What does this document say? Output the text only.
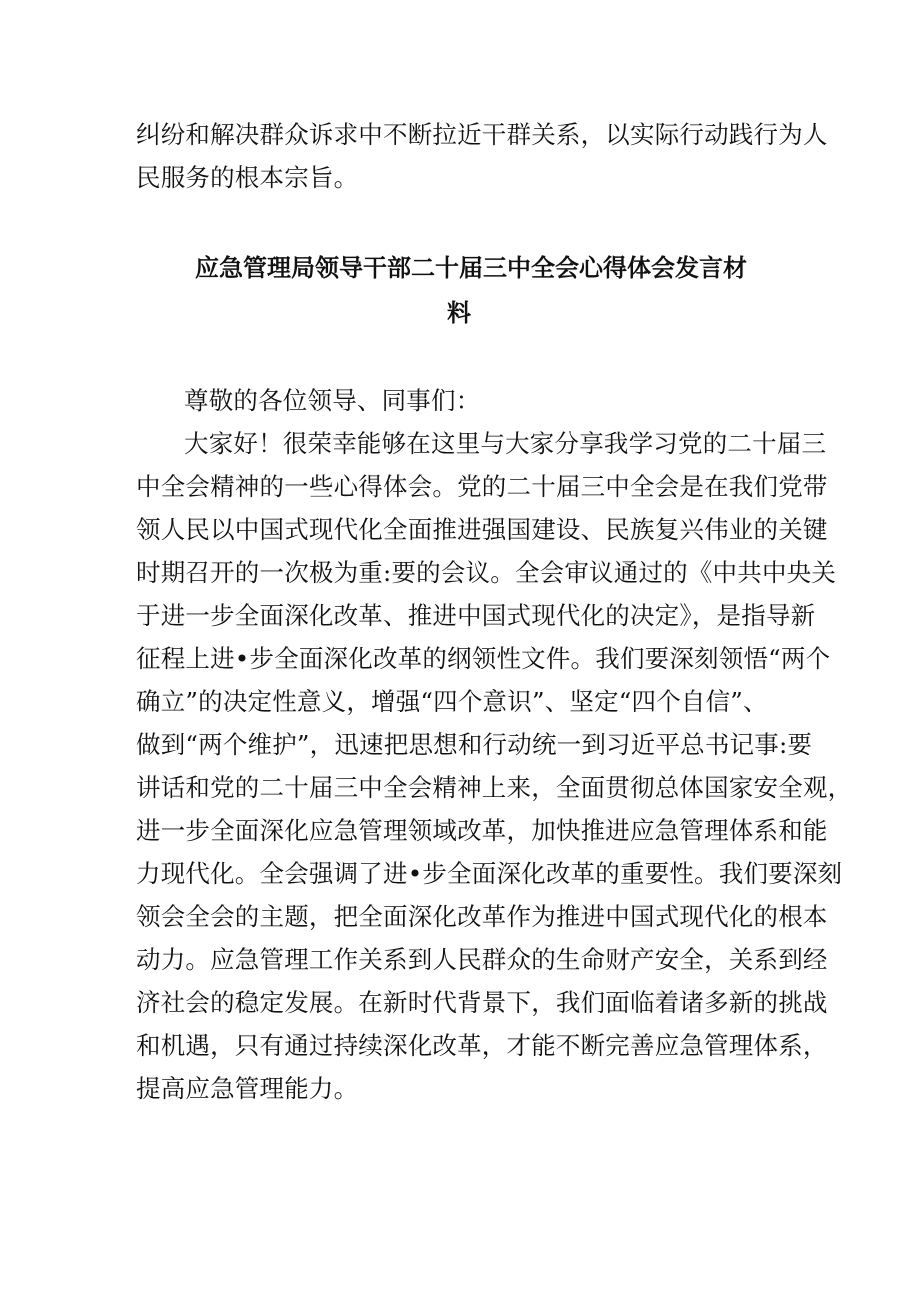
纠纷和解决群众诉求中不断拉近干群关系，以实际行动践行为人
民服务的根本宗旨。
应急管理局领导干部二十届三中全会心得体会发言材
料
尊敬的各位领导、同事们：
大家好！很荣幸能够在这里与大家分享我学习党的二十届三
中全会精神的一些心得体会。党的二十届三中全会是在我们党带
领人民以中国式现代化全面推进强国建设、民族复兴伟业的关键
时期召开的一次极为重:要的会议。全会审议通过的《中共中央关
于进一步全面深化改革、推进中国式现代化的决定》，是指导新
征程上进•步全面深化改革的纲领性文件。我们要深刻领悟“两个
确立”的决定性意义，增强“四个意识”、坚定“四个自信”、
做到“两个维护”，迅速把思想和行动统一到习近平总书记事:要
讲话和党的二十届三中全会精神上来，全面贯彻总体国家安全观，
进一步全面深化应急管理领域改革，加快推进应急管理体系和能
力现代化。全会强调了进•步全面深化改革的重要性。我们要深刻
领会全会的主题，把全面深化改革作为推进中国式现代化的根本
动力。应急管理工作关系到人民群众的生命财产安全，关系到经
济社会的稳定发展。在新时代背景下，我们面临着诸多新的挑战
和机遇，只有通过持续深化改革，才能不断完善应急管理体系，
提高应急管理能力。
